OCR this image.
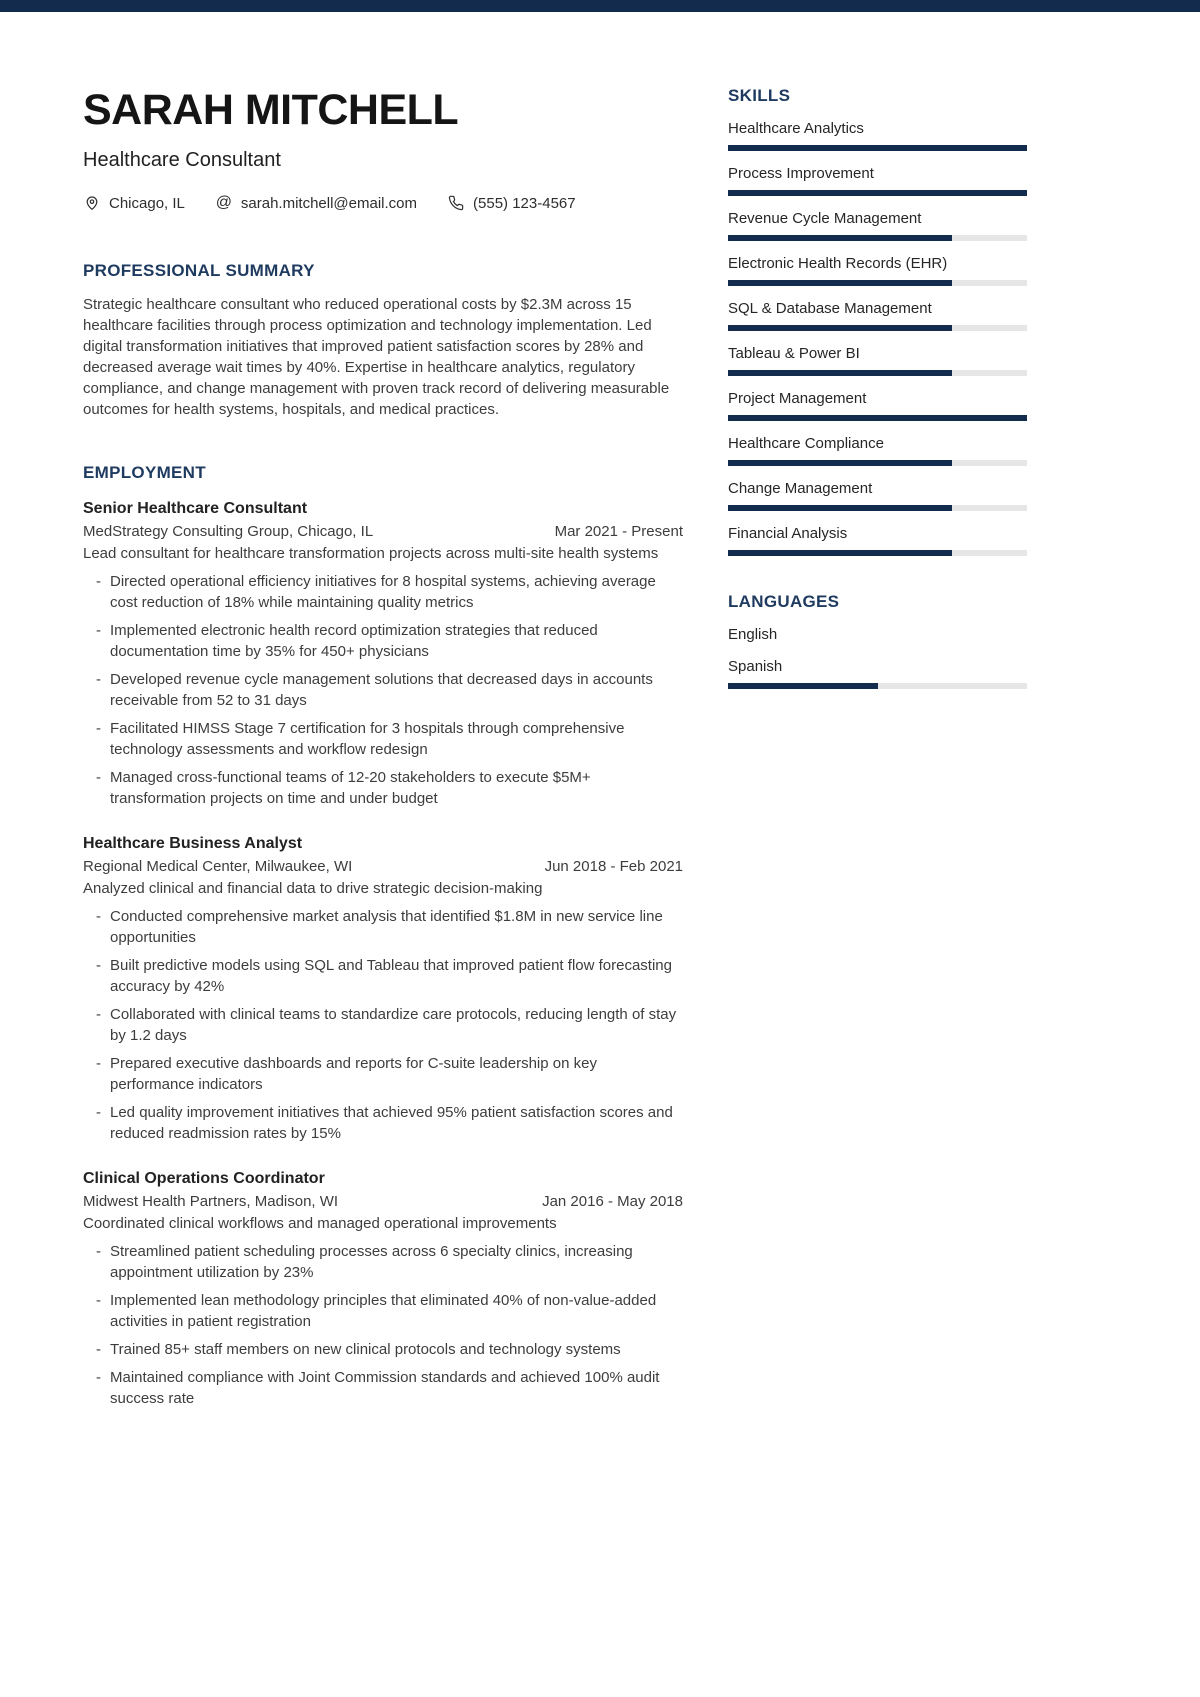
SARAH MITCHELL
Healthcare Consultant
Chicago, IL @ sarah.mitchell@email.com	(555) 123-4567
PROFESSIONAL SUMMARY
Strategic healthcare consultant who reduced operational costs by $2.3M across 15 healthcare facilities through process optimization and technology implementation. Led digital transformation initiatives that improved patient satisfaction scores by 28% and decreased average wait times by 40%. Expertise in healthcare analytics, regulatory compliance, and change management with proven track record of delivering measurable outcomes for health systems, hospitals, and medical practices.
EMPLOYMENT
Senior Healthcare Consultant
MedStrategy Consulting Group, Chicago, IL	Mar 2021 - Present
Lead consultant for healthcare transformation projects across multi-site health systems
-
Directed operational efficiency initiatives for 8 hospital systems, achieving average cost reduction of 18% while maintaining quality metrics
-
Implemented electronic health record optimization strategies that reduced documentation time by 35% for 450+ physicians
-
Developed revenue cycle management solutions that decreased days in accounts receivable from 52 to 31 days
-
Facilitated HIMSS Stage 7 certification for 3 hospitals through comprehensive technology assessments and workflow redesign
-
Managed cross-functional teams of 12-20 stakeholders to execute $5M+ transformation projects on time and under budget
Healthcare Business Analyst
Regional Medical Center, Milwaukee, WI	Jun 2018 - Feb 2021
Analyzed clinical and financial data to drive strategic decision-making
-
Conducted comprehensive market analysis that identified $1.8M in new service line opportunities
-
Built predictive models using SQL and Tableau that improved patient flow forecasting accuracy by 42%
-
Collaborated with clinical teams to standardize care protocols, reducing length of stay by 1.2 days
-
Prepared executive dashboards and reports for C-suite leadership on key performance indicators
-
Led quality improvement initiatives that achieved 95% patient satisfaction scores and reduced readmission rates by 15%
Clinical Operations Coordinator
Midwest Health Partners, Madison, WI	Jan 2016 - May 2018
Coordinated clinical workflows and managed operational improvements
-
Streamlined patient scheduling processes across 6 specialty clinics, increasing appointment utilization by 23%
-
Implemented lean methodology principles that eliminated 40% of non-value-added activities in patient registration
-
Trained 85+ staff members on new clinical protocols and technology systems
-
Maintained compliance with Joint Commission standards and achieved 100% audit success rate
SKILLS
Healthcare Analytics
Process Improvement
Revenue Cycle Management
Electronic Health Records (EHR)
SQL & Database Management
Tableau & Power BI
Project Management
Healthcare Compliance
Change Management
Financial Analysis
LANGUAGES
English
Spanish
